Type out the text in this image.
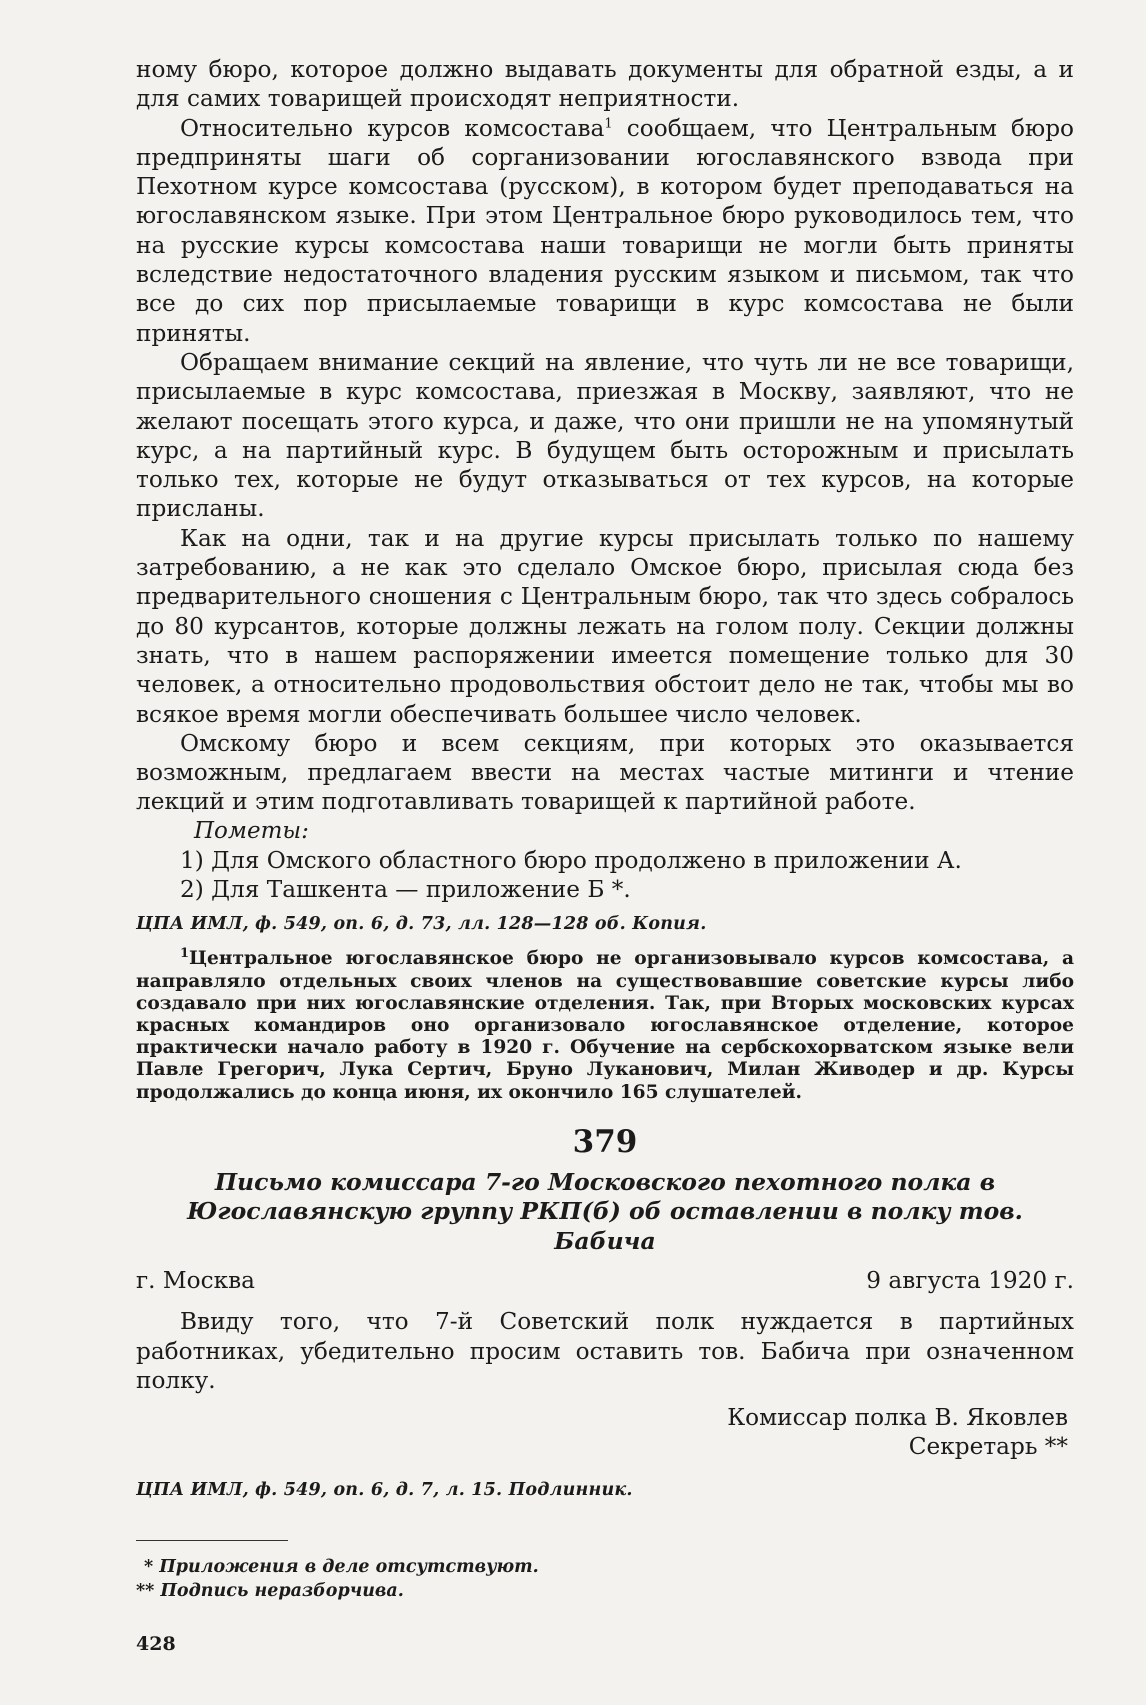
ному бюро, которое должно выдавать документы для обратной езды, а и для самих товарищей происходят неприятности.

Относительно курсов комсостава$^1$ сообщаем, что Центральным бюро предприняты шаги об сорганизовании югославянского взвода при Пехотном курсе комсостава (русском), в котором будет преподаваться на югославянском языке. При этом Центральное бюро руководилось тем, что на русские курсы комсостава наши товарищи не могли быть приняты вследствие недостаточного владения русским языком и письмом, так что все до сих пор присылаемые товарищи в курс комсостава не были приняты.

Обращаем внимание секций на явление, что чуть ли не все товарищи, присылаемые в курс комсостава, приезжая в Москву, заявляют, что не желают посещать этого курса, и даже, что они пришли не на упомянутый курс, а на партийный курс. В будущем быть осторожным и присылать только тех, которые не будут отказываться от тех курсов, на которые присланы.

Как на одни, так и на другие курсы присылать только по нашему затребованию, а не как это сделало Омское бюро, присылая сюда без предварительного сношения с Центральным бюро, так что здесь собралось до 80 курсантов, которые должны лежать на голом полу. Секции должны знать, что в нашем распоряжении имеется помещение только для 30 человек, а относительно продовольствия обстоит дело не так, чтобы мы во всякое время могли обеспечивать большее число человек.

Омскому бюро и всем секциям, при которых это оказывается возможным, предлагаем ввести на местах частые митинги и чтение лекций и этим подготавливать товарищей к партийной работе.

Пометы:

1) Для Омского областного бюро продолжено в приложении А.

2) Для Ташкента — приложение Б *.

ЦПА ИМЛ, ф. 549, оп. 6, д. 73, лл. 128—128 об. Копия.

$^1$Центральное югославянское бюро не организовывало курсов комсостава, а направляло отдельных своих членов на существовавшие советские курсы либо создавало при них югославянские отделения. Так, при Вторых московских курсах красных командиров оно организовало югославянское отделение, которое практически начало работу в 1920 г. Обучение на сербскохорватском языке вели Павле Грегорич, Лука Сертич, Бруно Луканович, Милан Живодер и др. Курсы продолжались до конца июня, их окончило 165 слушателей.

379

Письмо комиссара 7-го Московского пехотного полка в Югославянскую группу РКП(б) об оставлении в полку тов. Бабича

г. Москва	9 августа 1920 г.

Ввиду того, что 7-й Советский полк нуждается в партийных работниках, убедительно просим оставить тов. Бабича при означенном полку.

Комиссар полка В. Яковлев

Секретарь **

ЦПА ИМЛ, ф. 549, оп. 6, д. 7, л. 15. Подлинник.

* Приложения в деле отсутствуют.

** Подпись неразборчива.

428
